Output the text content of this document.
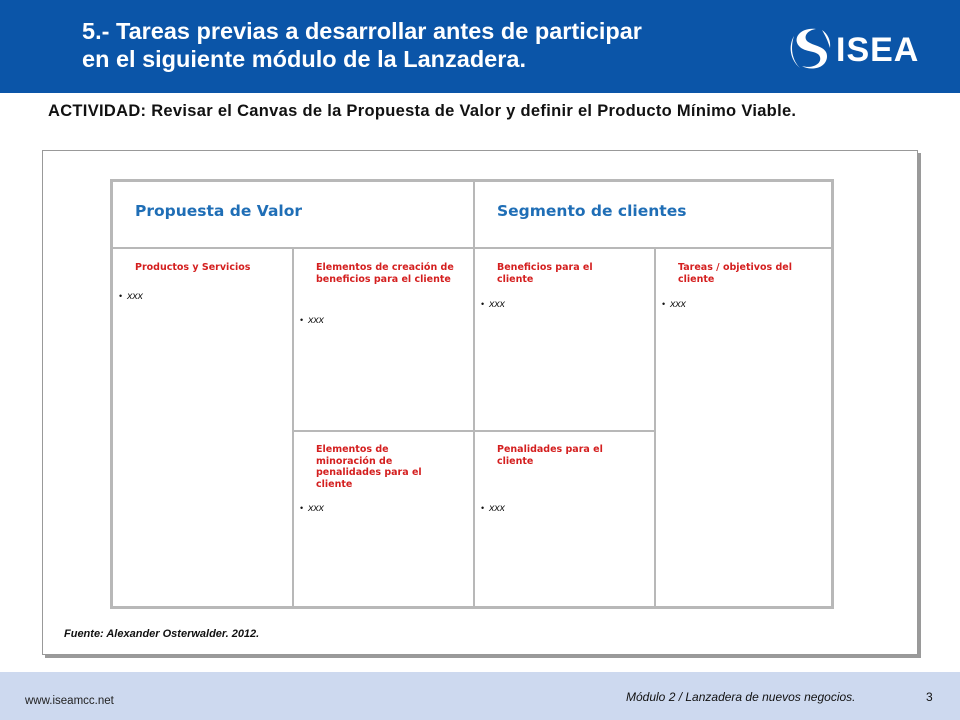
5.- Tareas previas a desarrollar antes de participar
en el siguiente módulo de la Lanzadera.	ISEA
ACTIVIDAD: Revisar el Canvas de la Propuesta de Valor y definir el Producto Mínimo Viable.
Propuesta de Valor	Segmento de clientes
Productos y Servicios
• xxx
Elementos de creación de beneficios para el cliente
• xxx
Elementos de minoración de penalidades para el cliente
• xxx
Beneficios para el cliente
• xxx
Penalidades para el cliente
• xxx
Tareas / objetivos del cliente
• xxx
Fuente: Alexander Osterwalder. 2012.
www.iseamcc.net	Módulo 2 / Lanzadera de nuevos negocios.	3
